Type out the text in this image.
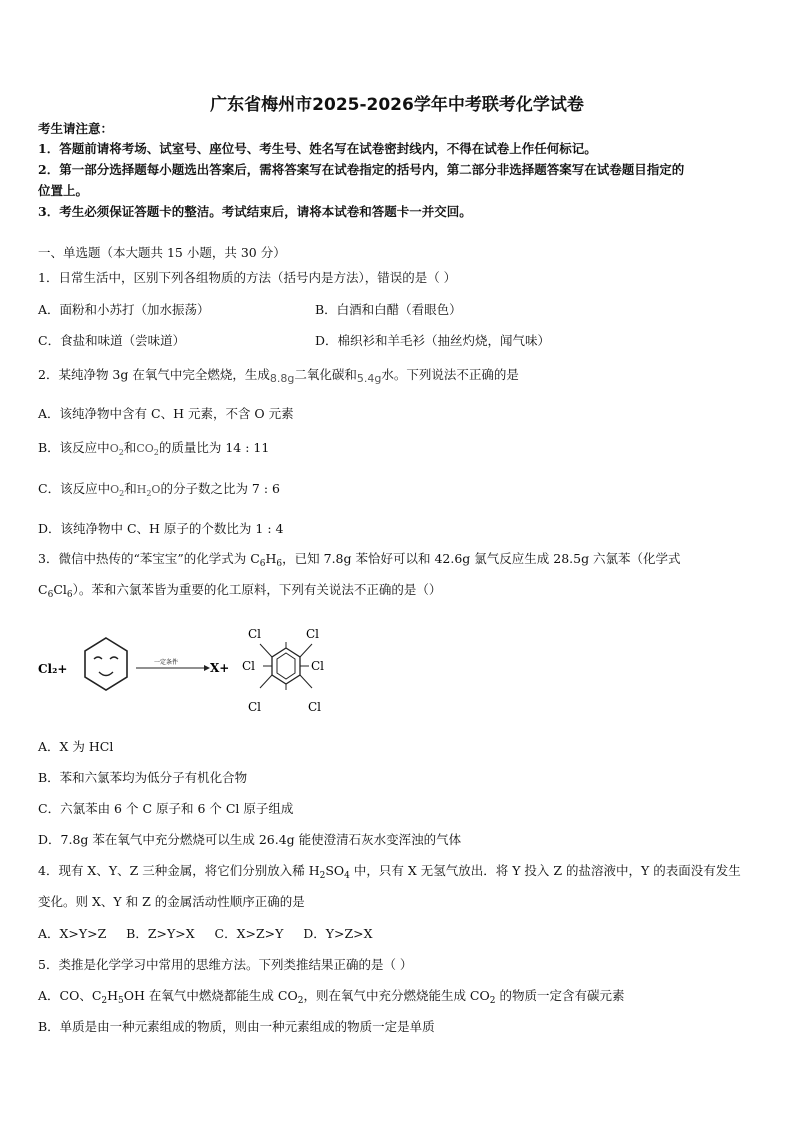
广东省梅州市2025-2026学年中考联考化学试卷
考生请注意：
1．答题前请将考场、试室号、座位号、考生号、姓名写在试卷密封线内，不得在试卷上作任何标记。
2．第一部分选择题每小题选出答案后，需将答案写在试卷指定的括号内，第二部分非选择题答案写在试卷题目指定的
位置上。
3．考生必须保证答题卡的整洁。考试结束后，请将本试卷和答题卡一并交回。
一、单选题（本大题共 15 小题，共 30 分）
1．日常生活中，区别下列各组物质的方法（括号内是方法），错误的是（ ）
A．面粉和小苏打（加水振荡）	B．白酒和白醋（看眼色）
C．食盐和味道（尝味道）	D．棉织衫和羊毛衫（抽丝灼烧，闻气味）
2．某纯净物 3g 在氧气中完全燃烧，生成8.8g二氧化碳和5.4g水。下列说法不正确的是
A．该纯净物中含有 C、H 元素，不含 O 元素
B．该反应中$O_2$和$CO_2$的质量比为 14 : 11
C．该反应中$O_2$和$H_2O$的分子数之比为 7 : 6
D．该纯净物中 C、H 原子的个数比为 1 : 4
3．微信中热传的“苯宝宝”的化学式为 $C_6H_6$，已知 7.8g 苯恰好可以和 42.6g 氯气反应生成 28.5g 六氯苯（化学式
$C_6Cl_6$）。苯和六氯苯皆为重要的化工原料，下列有关说法不正确的是（）
Cl₂+	一定条件	X+
Cl	Cl
Cl
Cl
Cl	Cl
A．X 为 HCl
B．苯和六氯苯均为低分子有机化合物
C．六氯苯由 6 个 C 原子和 6 个 Cl 原子组成
D．7.8g 苯在氧气中充分燃烧可以生成 26.4g 能使澄清石灰水变浑浊的气体
4．现有 X、Y、Z 三种金属，将它们分别放入稀 $H_2SO_4$ 中，只有 X 无氢气放出．将 Y 投入 Z 的盐溶液中，Y 的表面没有发生
变化。则 X、Y 和 Z 的金属活动性顺序正确的是
A．X>Y>Z     B．Z>Y>X     C．X>Z>Y     D．Y>Z>X
5．类推是化学学习中常用的思维方法。下列类推结果正确的是（ ）
A．CO、$C_2H_5OH$ 在氧气中燃烧都能生成 $CO_2$，则在氧气中充分燃烧能生成 $CO_2$ 的物质一定含有碳元素
B．单质是由一种元素组成的物质，则由一种元素组成的物质一定是单质
